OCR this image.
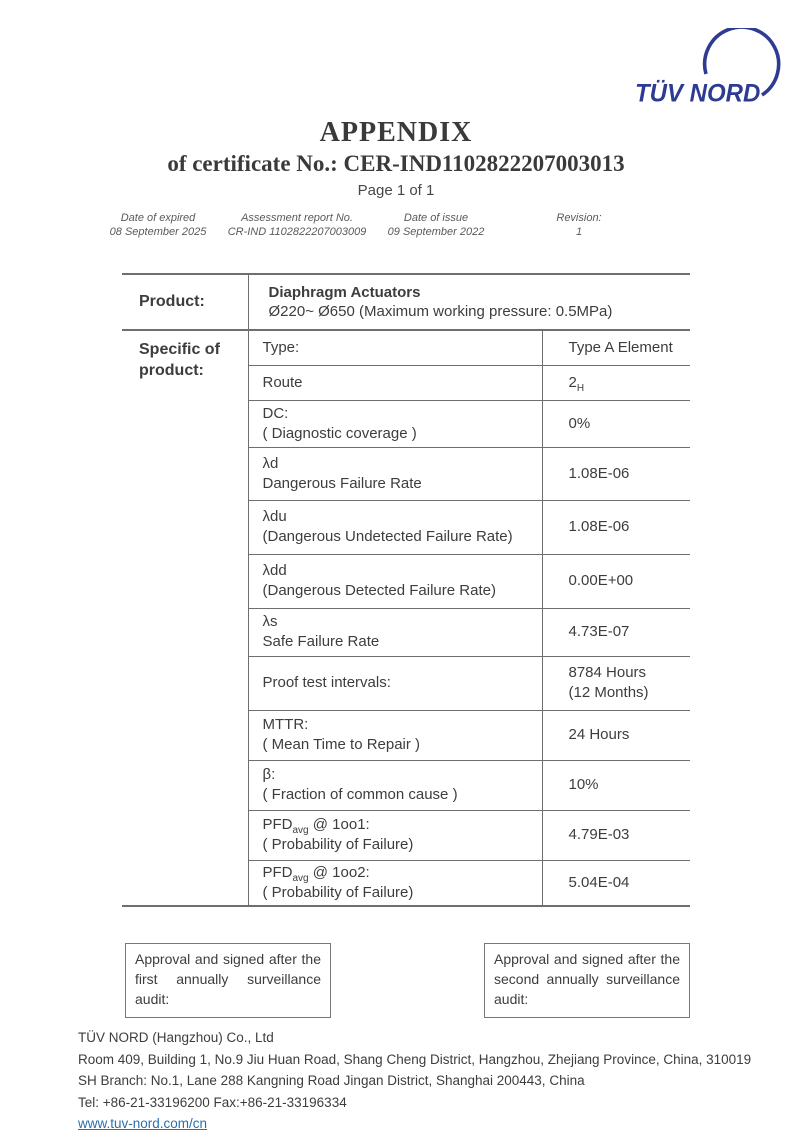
TÜV NORD
APPENDIX
of certificate No.: CER-IND1102822207003013
Page 1 of 1
Date of expired
08 September 2025
Assessment report No.
CR-IND 1102822207003009
Date of issue
09 September 2022
Revision:
1
Product:	Diaphragm Actuators
Ø220~ Ø650 (Maximum working pressure: 0.5MPa)	

Specific of product:	Type:	Type A Element

	Route	$2_H$

	DC:
( Diagnostic coverage )	0%

	λd
Dangerous Failure Rate	1.08E-06

	λdu
(Dangerous Undetected Failure Rate)	1.08E-06

	λdd
(Dangerous Detected Failure Rate)	0.00E+00

	λs
Safe Failure Rate	4.73E-07

	Proof test intervals:	8784 Hours
(12 Months)

	MTTR:
( Mean Time to Repair )	24 Hours

	β:
( Fraction of common cause )	10%

	$PFD_{avg}$ @ 1oo1:
( Probability of Failure)	4.79E-03

	$PFD_{avg}$ @ 1oo2:
( Probability of Failure)	5.04E-04
Approval and signed after the first annually surveillance audit:
Approval and signed after the second annually surveillance audit:
TÜV NORD (Hangzhou) Co., Ltd
Room 409, Building 1, No.9 Jiu Huan Road, Shang Cheng District, Hangzhou, Zhejiang Province, China, 310019
SH Branch: No.1, Lane 288 Kangning Road Jingan District, Shanghai 200443, China
Tel: +86-21-33196200 Fax:+86-21-33196334
www.tuv-nord.com/cn
